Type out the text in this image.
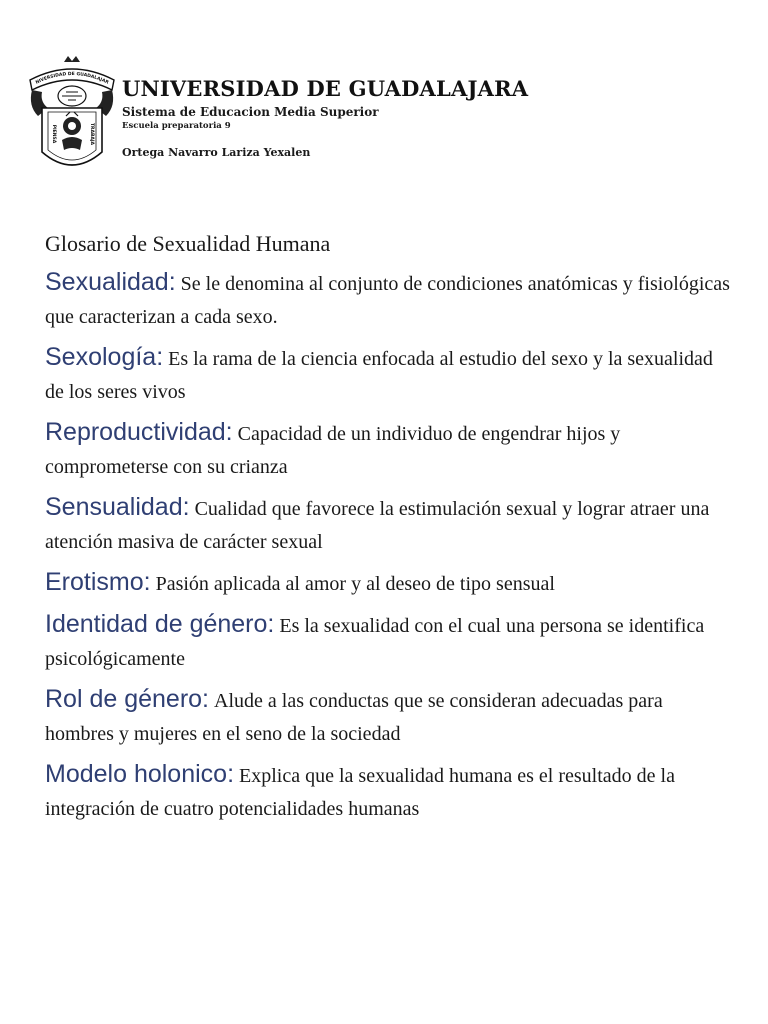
NIVERSIDAD DE GUADALAJAR
PIENSA	TRABAJA
UNIVERSIDAD DE GUADALAJARA
Sistema de Educacion Media Superior
Escuela preparatoria 9
Ortega Navarro Lariza Yexalen
Glosario de Sexualidad Humana

Sexualidad: Se le denomina al conjunto de condiciones anatómicas y fisiológicas que caracterizan a cada sexo.

Sexología: Es la rama de la ciencia enfocada al estudio del sexo y la sexualidad de los seres vivos

Reproductividad: Capacidad de un individuo de engendrar hijos y comprometerse con su crianza

Sensualidad: Cualidad que favorece la estimulación sexual y lograr atraer una atención masiva de carácter sexual

Erotismo: Pasión aplicada al amor y al deseo de tipo sensual

Identidad de género: Es la sexualidad con el cual una persona se identifica psicológicamente

Rol de género: Alude a las conductas que se consideran adecuadas para hombres y mujeres en el seno de la sociedad

Modelo holonico: Explica que la sexualidad humana es el resultado de la integración de cuatro potencialidades humanas
